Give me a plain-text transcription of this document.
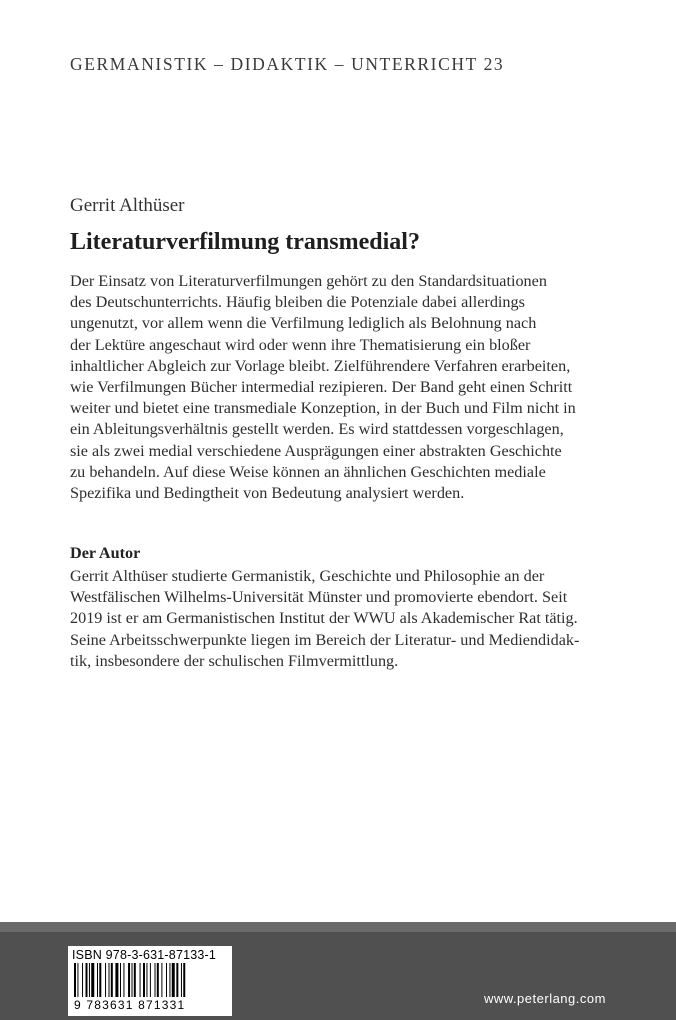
GERMANISTIK – DIDAKTIK – UNTERRICHT 23
Gerrit Althüser
Literaturverfilmung transmedial?
Der Einsatz von Literaturverfilmungen gehört zu den Standardsituationen
des Deutschunterrichts. Häufig bleiben die Potenziale dabei allerdings
ungenutzt, vor allem wenn die Verfilmung lediglich als Belohnung nach
der Lektüre angeschaut wird oder wenn ihre Thematisierung ein bloßer
inhaltlicher Abgleich zur Vorlage bleibt. Zielführendere Verfahren erarbeiten,
wie Verfilmungen Bücher intermedial rezipieren. Der Band geht einen Schritt
weiter und bietet eine transmediale Konzeption, in der Buch und Film nicht in
ein Ableitungsverhältnis gestellt werden. Es wird stattdessen vorgeschlagen,
sie als zwei medial verschiedene Ausprägungen einer abstrakten Geschichte
zu behandeln. Auf diese Weise können an ähnlichen Geschichten mediale
Spezifika und Bedingtheit von Bedeutung analysiert werden.
Der Autor
Gerrit Althüser studierte Germanistik, Geschichte und Philosophie an der
Westfälischen Wilhelms-Universität Münster und promovierte ebendort. Seit
2019 ist er am Germanistischen Institut der WWU als Akademischer Rat tätig.
Seine Arbeitsschwerpunkte liegen im Bereich der Literatur- und Mediendidak-
tik, insbesondere der schulischen Filmvermittlung.
ISBN 978-3-631-87133-1
9 783631 871331	www.peterlang.com
